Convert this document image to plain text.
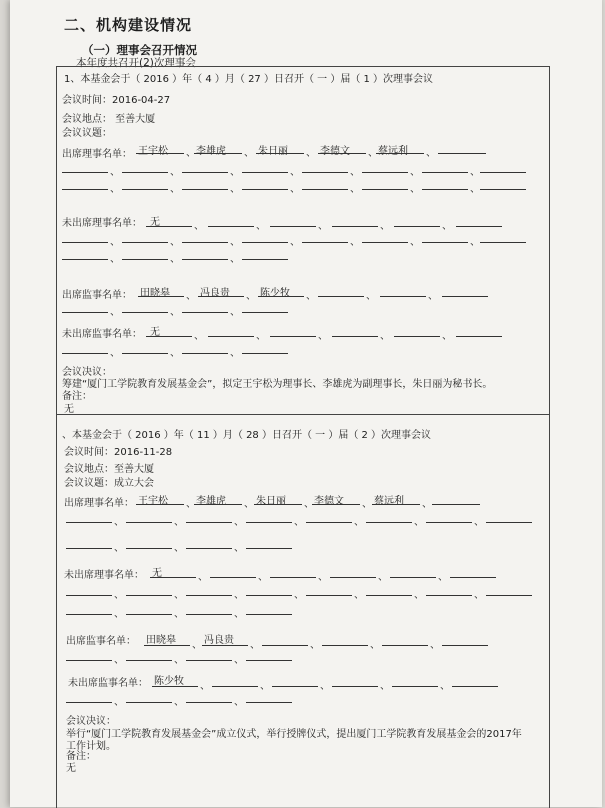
二、机构建设情况
（一）理事会召开情况
本年度共召开(2)次理事会
1、本基金会于（ 2016 ）年（ 4 ）月（ 27 ）日召开（ 一 ）届（ 1 ）次理事会议
会议时间：2016-04-27
会议地点： 至善大厦
会议议题：
出席理事名单： 王宇松	李雄虎	朱日丽	李德文	蔡远利
未出席理事名单： 无
出席监事名单： 田晓皋	冯良贵	陈少牧
未出席监事名单： 无
会议决议：
筹建“厦门工学院教育发展基金会”，拟定王宇松为理事长、李雄虎为副理事长，朱日丽为秘书长。
备注：
无
、本基金会于（ 2016 ）年（ 11 ）月（ 28 ）日召开（ 一 ）届（ 2 ）次理事会议
会议时间：2016-11-28
会议地点：至善大厦
会议议题：成立大会
出席理事名单： 王宇松	李雄虎	朱日丽	李德文	蔡远利
未出席理事名单： 无
出席监事名单： 田晓皋	冯良贵
未出席监事名单： 陈少牧
会议决议：
举行“厦门工学院教育发展基金会”成立仪式，举行授牌仪式，提出厦门工学院教育发展基金会的2017年
工作计划。
备注：
无
、	、	、	、	、
、	、	、	、	、	、	、
、	、	、	、	、	、	、
、	、	、	、	、
、	、	、	、	、	、	、
、	、	、
、	、	、	、	、
、	、	、
、	、	、	、	、
、	、	、
、	、	、	、	、
、	、	、	、	、	、	、
、	、	、
、	、	、	、	、
、	、	、	、	、	、	、
、	、	、
、	、	、	、	、
、	、	、
、	、	、	、	、
、	、	、
